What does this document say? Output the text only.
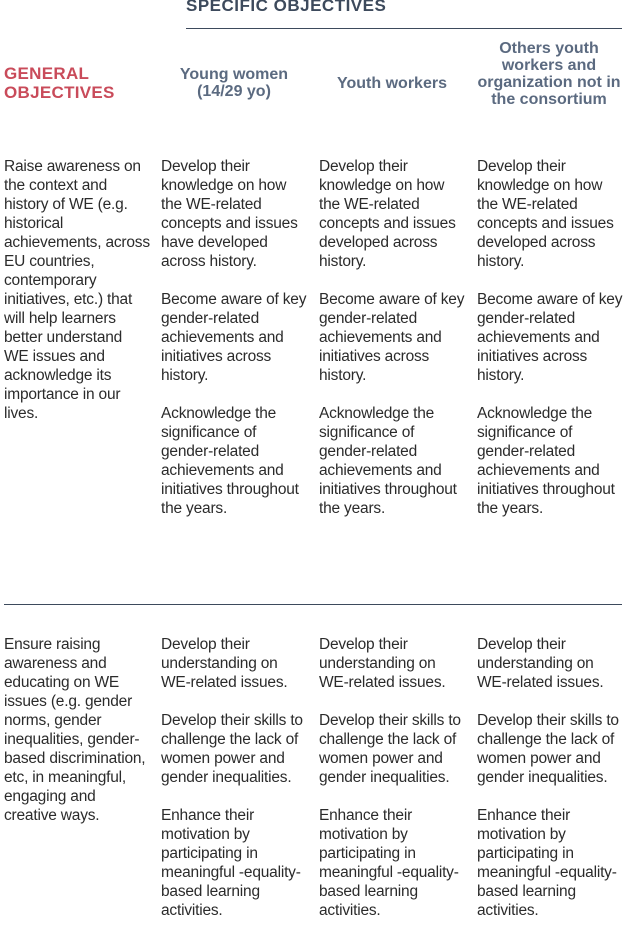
SPECIFIC OBJECTIVES
GENERAL OBJECTIVES
Young women (14/29 yo)	Youth workers
Others youth workers and organization not in the consortium
Raise awareness on the context and history of WE (e.g. historical achievements, across EU countries, contemporary initiatives, etc.) that will help learners better understand WE issues and acknowledge its importance in our lives.

Develop their knowledge on how the WE-related concepts and issues have developed across history.

Become aware of key gender-related achievements and initiatives across history.

Acknowledge the significance of gender-related achievements and initiatives throughout the years.

Develop their knowledge on how the WE-related concepts and issues developed across history.

Become aware of key gender-related achievements and initiatives across history.

Acknowledge the significance of gender-related achievements and initiatives throughout the years.

Develop their knowledge on how the WE-related concepts and issues developed across history.

Become aware of key gender-related achievements and initiatives across history.

Acknowledge the significance of gender-related achievements and initiatives throughout the years.

Ensure raising awareness and educating on WE issues (e.g. gender norms, gender inequalities, gender-based discrimination, etc, in meaningful, engaging and creative ways.

Develop their understanding on WE-related issues.

Develop their skills to challenge the lack of women power and gender inequalities.

Enhance their motivation by participating in meaningful -equality-based learning activities.

Develop their understanding on WE-related issues.

Develop their skills to challenge the lack of women power and gender inequalities.

Enhance their motivation by participating in meaningful -equality-based learning activities.

Develop their understanding on WE-related issues.

Develop their skills to challenge the lack of women power and gender inequalities.

Enhance their motivation by participating in meaningful -equality-based learning activities.
